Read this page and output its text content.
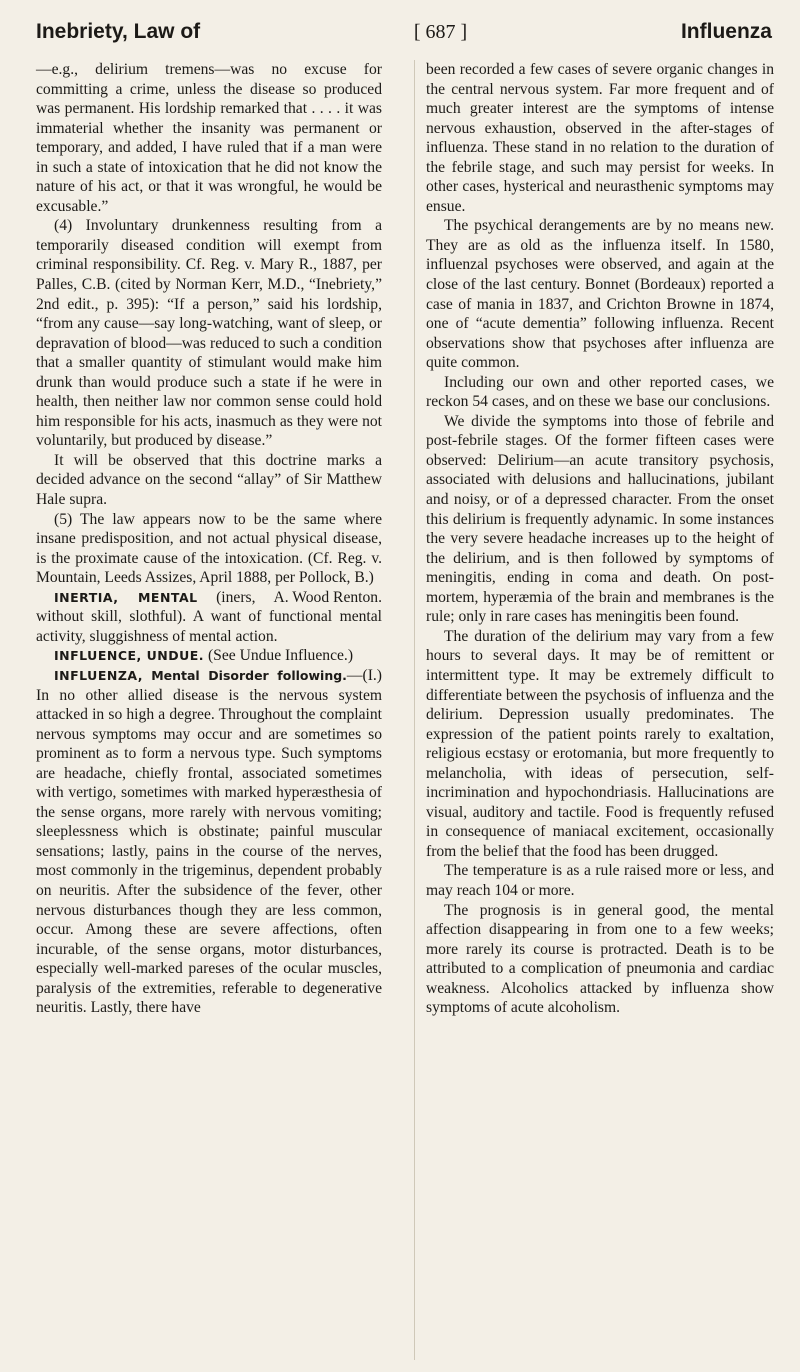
Inebriety, Law of	[ 687 ]	Influenza

—e.g., delirium tremens—was no excuse for committing a crime, unless the disease so produced was permanent. His lordship remarked that . . . . it was immaterial whether the insanity was permanent or temporary, and added, I have ruled that if a man were in such a state of intoxication that he did not know the nature of his act, or that it was wrongful, he would be excusable.”

(4) Involuntary drunkenness resulting from a temporarily diseased condition will exempt from criminal responsibility. Cf. Reg. v. Mary R., 1887, per Palles, C.B. (cited by Norman Kerr, M.D., “Inebriety,” 2nd edit., p. 395): “If a person,” said his lordship, “from any cause—say long-watching, want of sleep, or depravation of blood—was reduced to such a condition that a smaller quantity of stimulant would make him drunk than would produce such a state if he were in health, then neither law nor common sense could hold him responsible for his acts, inasmuch as they were not voluntarily, but produced by disease.”

It will be observed that this doctrine marks a decided advance on the second “allay” of Sir Matthew Hale supra.

(5) The law appears now to be the same where insane predisposition, and not actual physical disease, is the proximate cause of the intoxication. (Cf. Reg. v. Mountain, Leeds Assizes, April 1888, per Pollock, B.)
A. Wood Renton.

INERTIA, MENTAL (iners, without skill, slothful). A want of functional mental activity, sluggishness of mental action.

INFLUENCE, UNDUE. (See Undue Influence.)

INFLUENZA, Mental Disorder following.—(I.) In no other allied disease is the nervous system attacked in so high a degree. Throughout the complaint nervous symptoms may occur and are sometimes so prominent as to form a nervous type. Such symptoms are headache, chiefly frontal, associated sometimes with vertigo, sometimes with marked hyperæsthesia of the sense organs, more rarely with nervous vomiting; sleeplessness which is obstinate; painful muscular sensations; lastly, pains in the course of the nerves, most commonly in the trigeminus, dependent probably on neuritis. After the subsidence of the fever, other nervous disturbances though they are less common, occur. Among these are severe affections, often incurable, of the sense organs, motor disturbances, especially well-marked pareses of the ocular muscles, paralysis of the extremities, referable to degenerative neuritis. Lastly, there have

been recorded a few cases of severe organic changes in the central nervous system. Far more frequent and of much greater interest are the symptoms of intense nervous exhaustion, observed in the after-stages of influenza. These stand in no relation to the duration of the febrile stage, and such may persist for weeks. In other cases, hysterical and neurasthenic symptoms may ensue.

The psychical derangements are by no means new. They are as old as the influenza itself. In 1580, influenzal psychoses were observed, and again at the close of the last century. Bonnet (Bordeaux) reported a case of mania in 1837, and Crichton Browne in 1874, one of “acute dementia” following influenza. Recent observations show that psychoses after influenza are quite common.

Including our own and other reported cases, we reckon 54 cases, and on these we base our conclusions.

We divide the symptoms into those of febrile and post-febrile stages. Of the former fifteen cases were observed: Delirium—an acute transitory psychosis, associated with delusions and hallucinations, jubilant and noisy, or of a depressed character. From the onset this delirium is frequently adynamic. In some instances the very severe headache increases up to the height of the delirium, and is then followed by symptoms of meningitis, ending in coma and death. On post-mortem, hyperæmia of the brain and membranes is the rule; only in rare cases has meningitis been found.

The duration of the delirium may vary from a few hours to several days. It may be of remittent or intermittent type. It may be extremely difficult to differentiate between the psychosis of influenza and the delirium. Depression usually predominates. The expression of the patient points rarely to exaltation, religious ecstasy or erotomania, but more frequently to melancholia, with ideas of persecution, self-incrimination and hypochondriasis. Hallucinations are visual, auditory and tactile. Food is frequently refused in consequence of maniacal excitement, occasionally from the belief that the food has been drugged.

The temperature is as a rule raised more or less, and may reach 104 or more.

The prognosis is in general good, the mental affection disappearing in from one to a few weeks; more rarely its course is protracted. Death is to be attributed to a complication of pneumonia and cardiac weakness. Alcoholics attacked by influenza show symptoms of acute alcoholism.
